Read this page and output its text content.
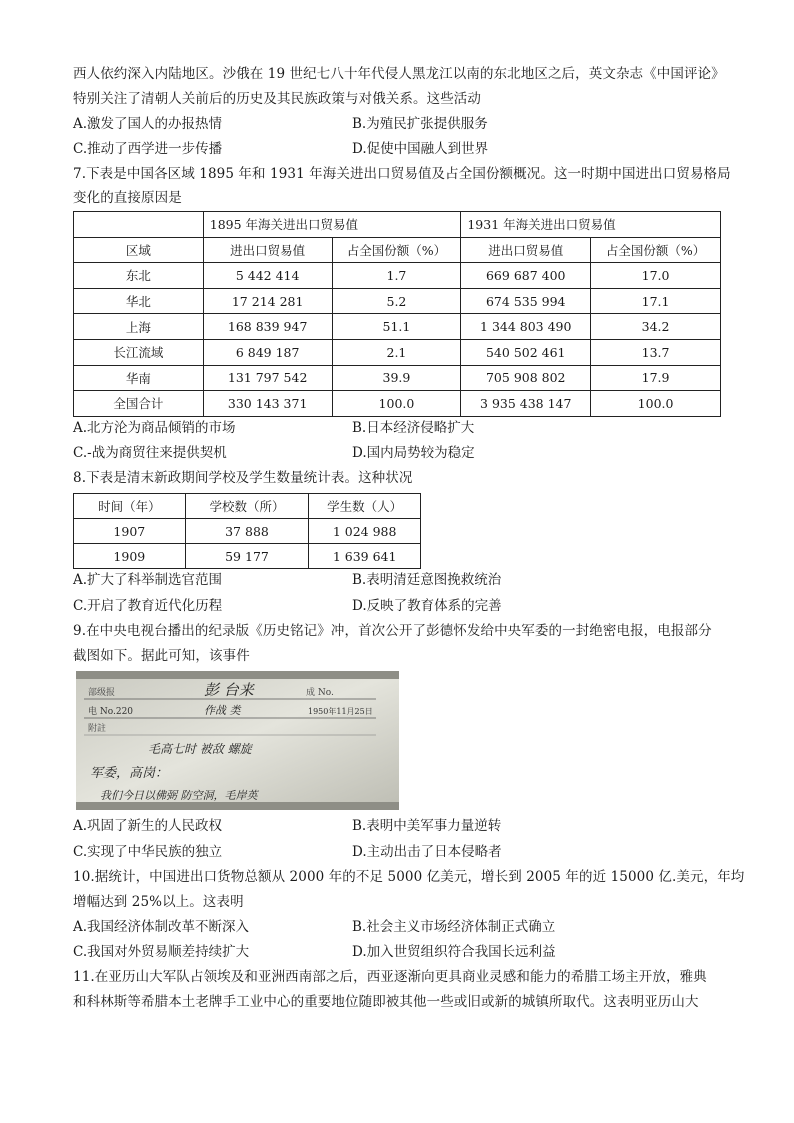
西人依约深入内陆地区。沙俄在 19 世纪七八十年代侵人黑龙江以南的东北地区之后，英文杂志《中国评论》
特别关注了清朝人关前后的历史及其民族政策与对俄关系。这些活动
A.激发了国人的办报热情	B.为殖民扩张提供服务
C.推动了西学进一步传播	D.促使中国融人到世界
7.下表是中国各区域 1895 年和 1931 年海关进出口贸易值及占全国份额概况。这一时期中国进出口贸易格局
变化的直接原因是
	1895 年海关进出口贸易值		1931 年海关进出口贸易值	
区域	进出口贸易值	占全国份额（%）	进出口贸易值	占全国份额（%）
东北	5 442 414	1.7	669 687 400	17.0
华北	17 214 281	5.2	674 535 994	17.1
上海	168 839 947	51.1	1 344 803 490	34.2
长江流域	6 849 187	2.1	540 502 461	13.7
华南	131 797 542	39.9	705 908 802	17.9
全国合计	330 143 371	100.0	3 935 438 147	100.0
A.北方沦为商品倾销的市场	B.日本经济侵略扩大
C.-战为商贸往来提供契机	D.国内局势较为稳定
8.下表是清末新政期间学校及学生数量统计表。这种状况
时间（年）	学校数（所）	学生数（人）
1907	37 888	1 024 988
1909	59 177	1 639 641
A.扩大了科举制选官范围	B.表明清廷意图挽救统治
C.开启了教育近代化历程	D.反映了教育体系的完善
9.在中央电视台播出的纪录版《历史铭记》冲，首次公开了彭德怀发给中央军委的一封绝密电报，电报部分
截图如下。据此可知，该事件
部级报	彭 台来	成 No.
电 No.220	作战 类	1950年11月25日
附註
毛高七时 被敌 螺旋
军委，高岗：
我们今日以佛弼 防空洞，毛岸英
A.巩固了新生的人民政权	B.表明中美军事力量逆转
C.实现了中华民族的独立	D.主动出击了日本侵略者
10.据统计，中国进出口货物总额从 2000 年的不足 5000 亿美元，增长到 2005 年的近 15000 亿.美元，年均
增幅达到 25%以上。这表明
A.我国经济体制改革不断深入	B.社会主义市场经济体制正式确立
C.我国对外贸易顺差持续扩大	D.加入世贸组织符合我国长远利益
11.在亚历山大军队占领埃及和亚洲西南部之后，西亚逐渐向更具商业灵感和能力的希腊工场主开放，雅典
和科林斯等希腊本土老牌手工业中心的重要地位随即被其他一些或旧或新的城镇所取代。这表明亚历山大
